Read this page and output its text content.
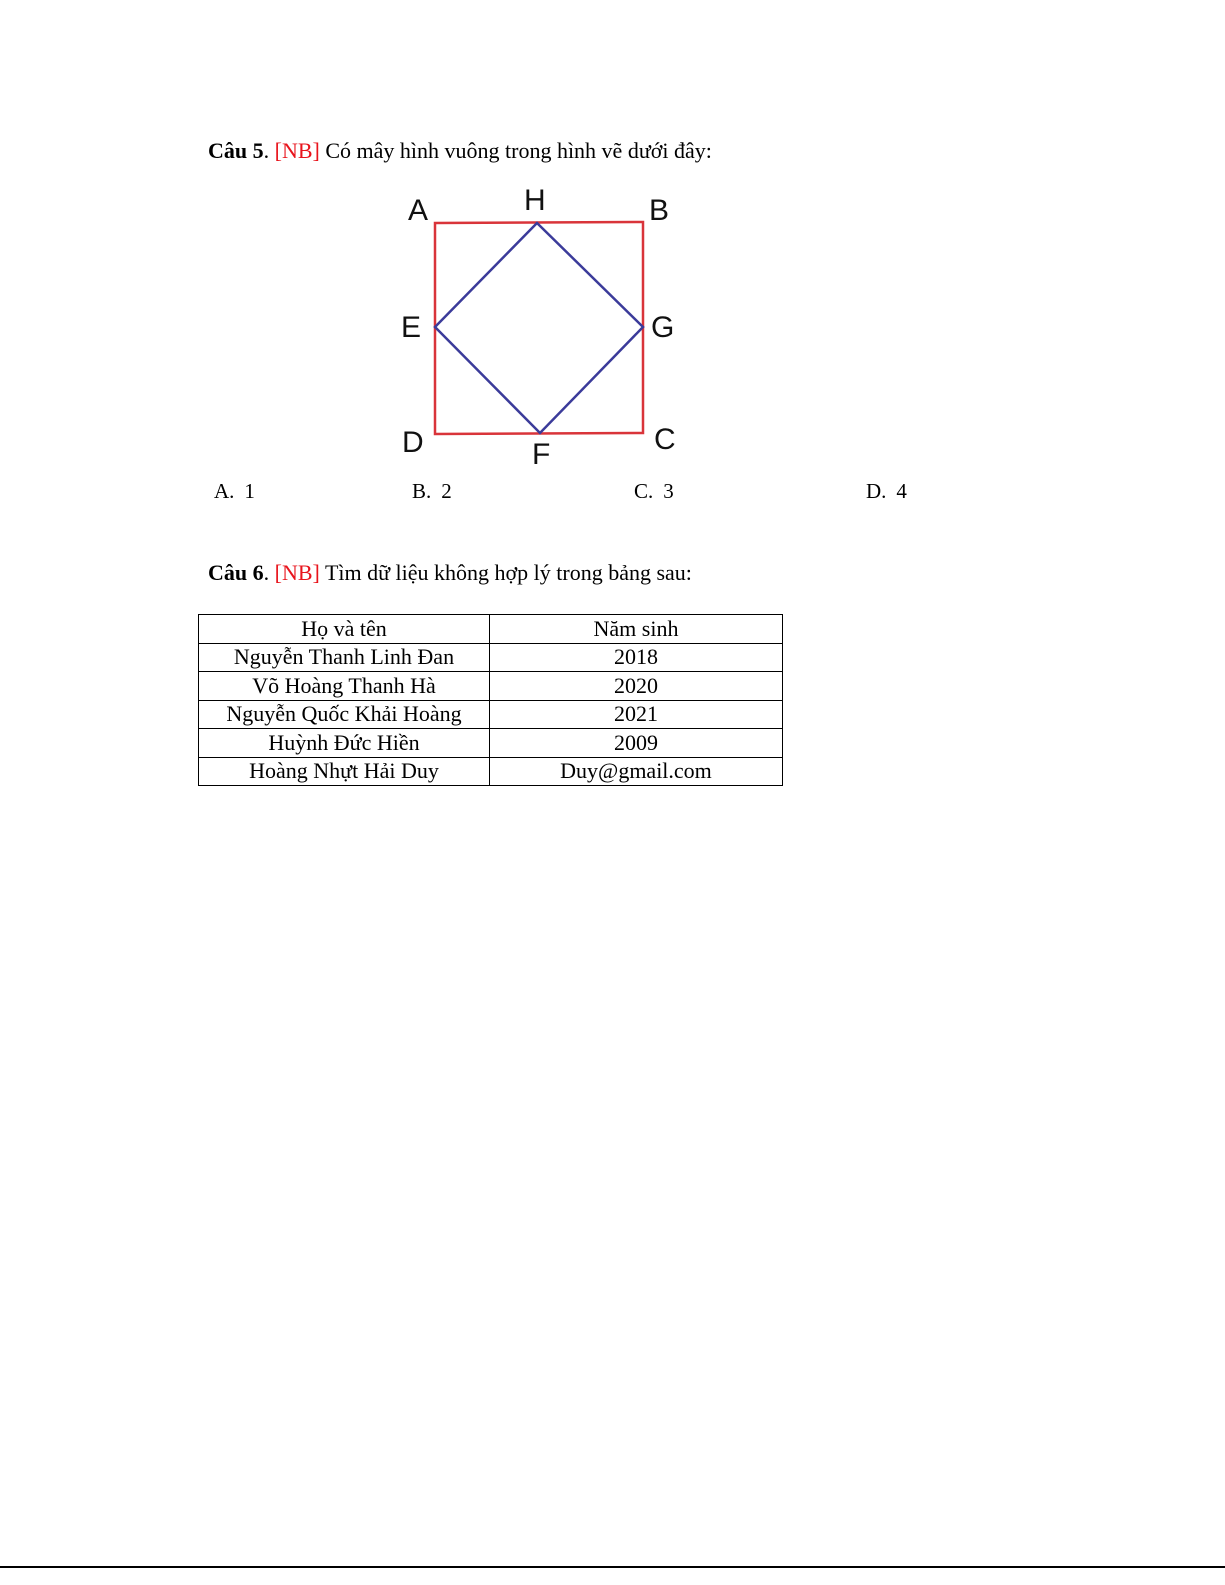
Câu 5. [NB] Có mây hình vuông trong hình vẽ dưới đây:
A	H	B
E	G
D	F	C
A. 1	B. 2	C. 3	D. 4
Câu 6. [NB] Tìm dữ liệu không hợp lý trong bảng sau:
Họ và tên	Năm sinh
Nguyễn Thanh Linh Đan	2018
Võ Hoàng Thanh Hà	2020
Nguyễn Quốc Khải Hoàng	2021
Huỳnh Đức Hiền	2009
Hoàng Nhựt Hải Duy	Duy@gmail.com
